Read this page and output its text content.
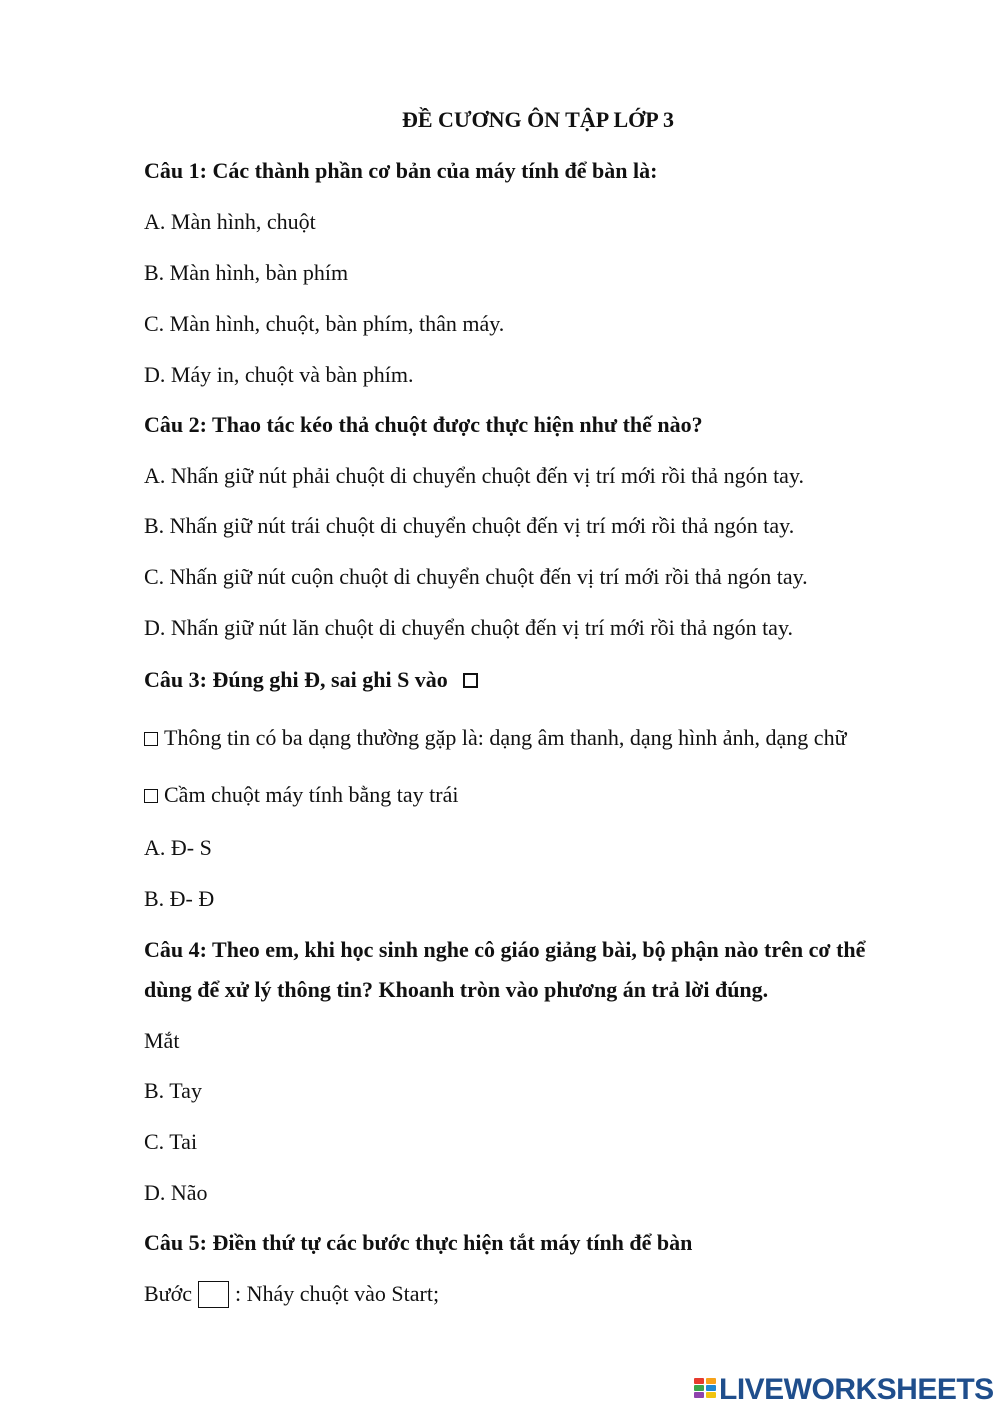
ĐỀ CƯƠNG ÔN TẬP LỚP 3
Câu 1: Các thành phần cơ bản của máy tính để bàn là:
A. Màn hình, chuột
B. Màn hình, bàn phím
C. Màn hình, chuột, bàn phím, thân máy.
D. Máy in, chuột và bàn phím.
Câu 2: Thao tác kéo thả chuột được thực hiện như thế nào?
A. Nhấn giữ nút phải chuột di chuyển chuột đến vị trí mới rồi thả ngón tay.
B. Nhấn giữ nút trái chuột di chuyển chuột đến vị trí mới rồi thả ngón tay.
C. Nhấn giữ nút cuộn chuột di chuyển chuột đến vị trí mới rồi thả ngón tay.
D. Nhấn giữ nút lăn chuột di chuyển chuột đến vị trí mới rồi thả ngón tay.
Câu 3: Đúng ghi Đ, sai ghi S vào
Thông tin có ba dạng thường gặp là: dạng âm thanh, dạng hình ảnh, dạng chữ
Cầm chuột máy tính bằng tay trái
A. Đ- S
B. Đ- Đ
Câu 4: Theo em, khi học sinh nghe cô giáo giảng bài, bộ phận nào trên cơ thể
dùng để xử lý thông tin? Khoanh tròn vào phương án trả lời đúng.
Mắt
B. Tay
C. Tai
D. Não
Câu 5: Điền thứ tự các bước thực hiện tắt máy tính để bàn
Bước : Nháy chuột vào Start;
LIVEWORKSHEETS
